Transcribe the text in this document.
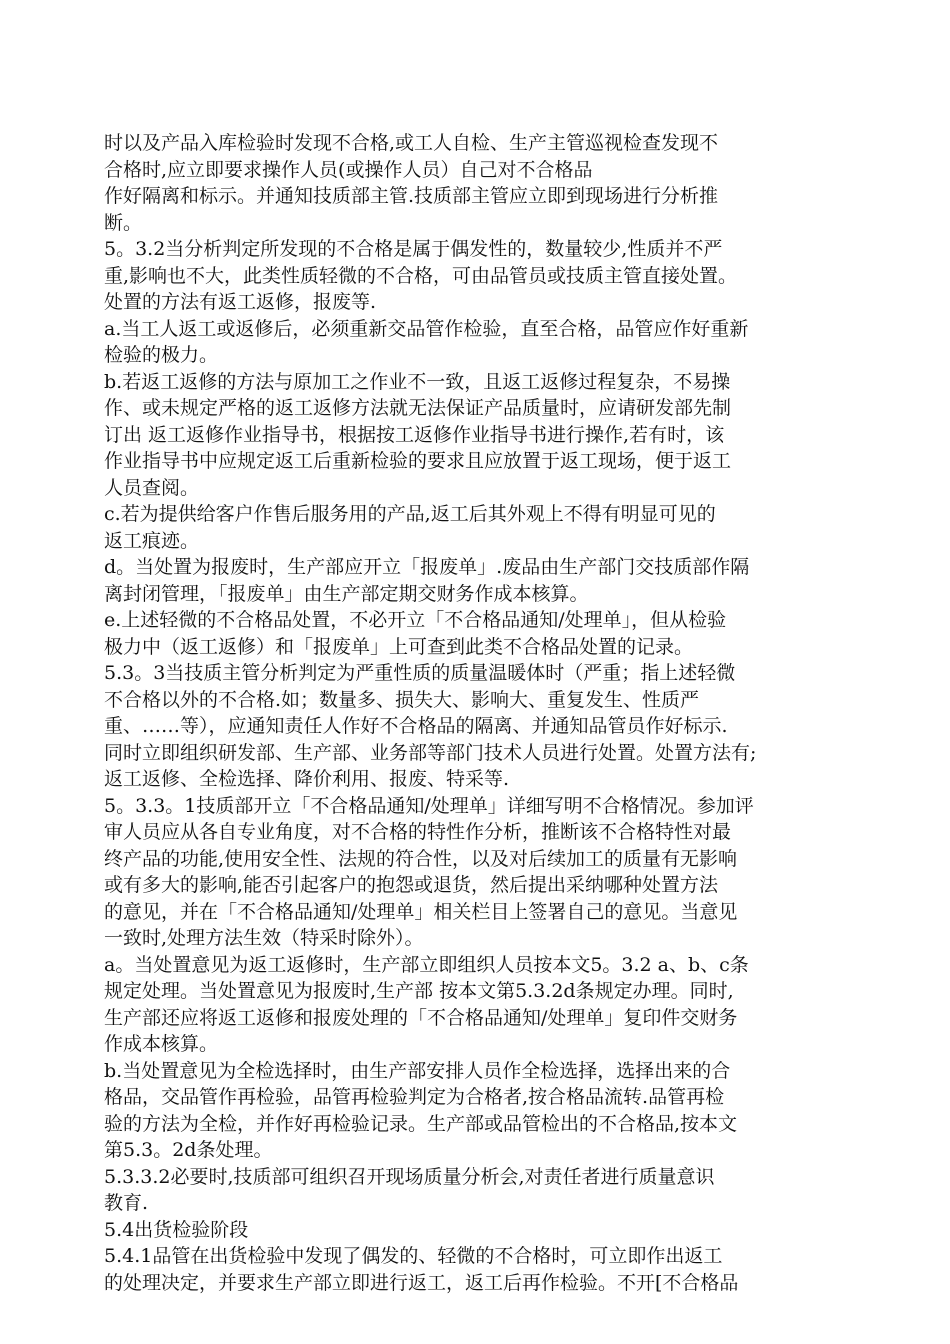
时以及产品入库检验时发现不合格,或工人自检、生产主管巡视检查发现不
合格时,应立即要求操作人员(或操作人员）自己对不合格品
作好隔离和标示。并通知技质部主管.技质部主管应立即到现场进行分析推
断。
5。3.2当分析判定所发现的不合格是属于偶发性的，数量较少,性质并不严
重,影响也不大，此类性质轻微的不合格，可由品管员或技质主管直接处置。
处置的方法有返工返修，报废等.
a.当工人返工或返修后，必须重新交品管作检验，直至合格，品管应作好重新
检验的极力。
b.若返工返修的方法与原加工之作业不一致，且返工返修过程复杂，不易操
作、或未规定严格的返工返修方法就无法保证产品质量时，应请研发部先制
订出 返工返修作业指导书，根据按工返修作业指导书进行操作,若有时，该
作业指导书中应规定返工后重新检验的要求且应放置于返工现场，便于返工
人员查阅。
c.若为提供给客户作售后服务用的产品,返工后其外观上不得有明显可见的
返工痕迹。
d。当处置为报废时，生产部应开立「报废单」.废品由生产部门交技质部作隔
离封闭管理，「报废单」由生产部定期交财务作成本核算。
e.上述轻微的不合格品处置，不必开立「不合格品通知/处理单」，但从检验
极力中（返工返修）和「报废单」上可查到此类不合格品处置的记录。
5.3。3当技质主管分析判定为严重性质的质量温暖体时（严重；指上述轻微
不合格以外的不合格.如；数量多、损失大、影响大、重复发生、性质严
重、……等），应通知责任人作好不合格品的隔离、并通知品管员作好标示.
同时立即组织研发部、生产部、业务部等部门技术人员进行处置。处置方法有;
返工返修、全检选择、降价利用、报废、特采等.
5。3.3。1技质部开立「不合格品通知/处理单」详细写明不合格情况。参加评
审人员应从各自专业角度，对不合格的特性作分析，推断该不合格特性对最
终产品的功能,使用安全性、法规的符合性，以及对后续加工的质量有无影响
或有多大的影响,能否引起客户的抱怨或退货，然后提出采纳哪种处置方法
的意见，并在「不合格品通知/处理单」相关栏目上签署自己的意见。当意见
一致时,处理方法生效（特采时除外）。
a。当处置意见为返工返修时，生产部立即组织人员按本文5。3.2 a、b、c条
规定处理。当处置意见为报废时,生产部 按本文第5.3.2d条规定办理。同时,
生产部还应将返工返修和报废处理的「不合格品通知/处理单」复印件交财务
作成本核算。
b.当处置意见为全检选择时，由生产部安排人员作全检选择，选择出来的合
格品，交品管作再检验，品管再检验判定为合格者,按合格品流转.品管再检
验的方法为全检，并作好再检验记录。生产部或品管检出的不合格品,按本文
第5.3。2d条处理。
5.3.3.2必要时,技质部可组织召开现场质量分析会,对责任者进行质量意识
教育.
5.4出货检验阶段
5.4.1品管在出货检验中发现了偶发的、轻微的不合格时，可立即作出返工
的处理决定，并要求生产部立即进行返工，返工后再作检验。不开[不合格品
